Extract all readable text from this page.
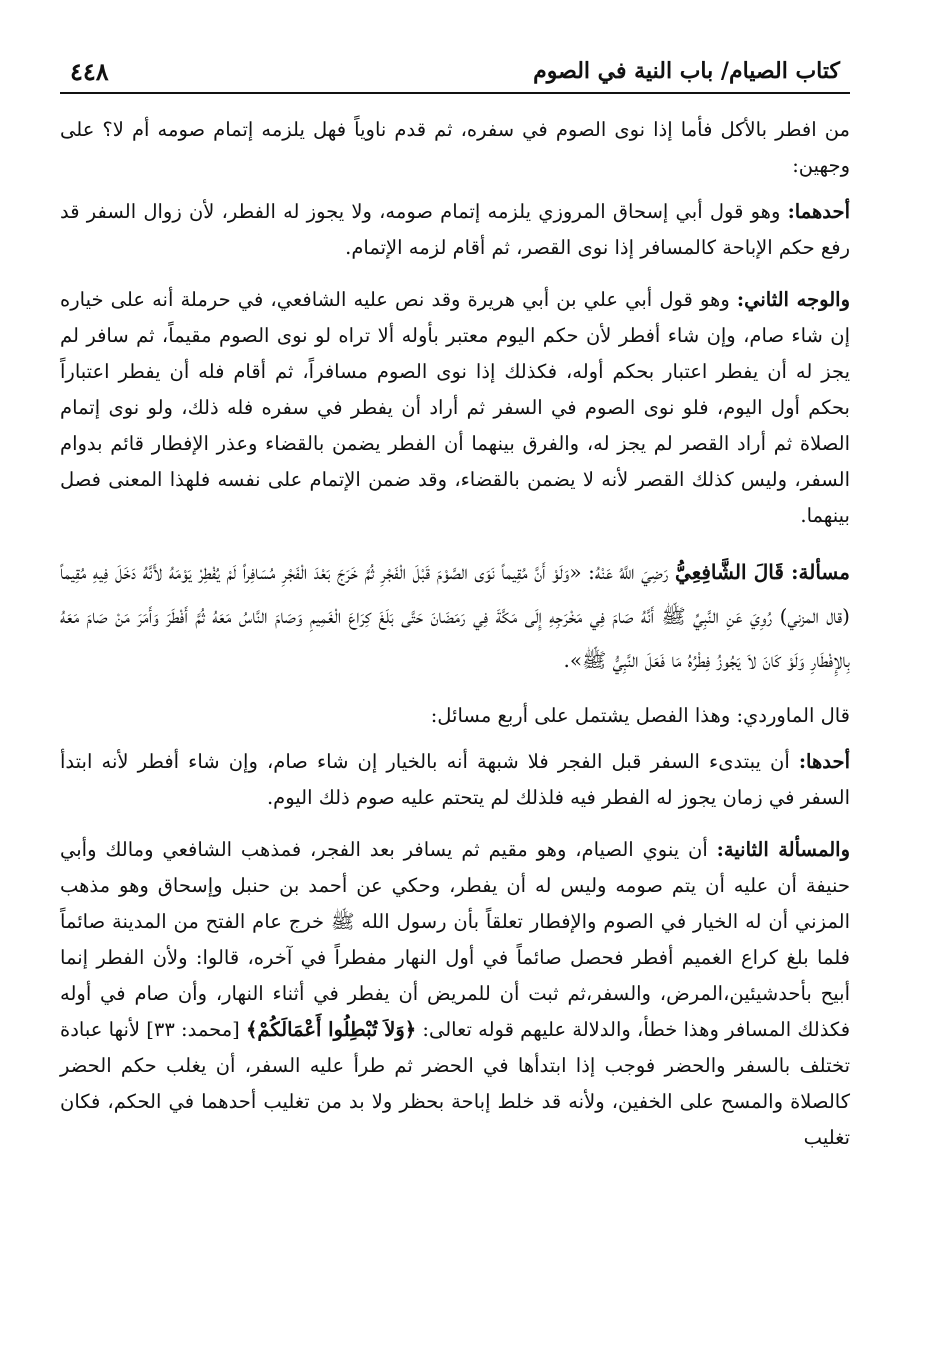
كتاب الصيام/ باب النية في الصوم
٤٤٨

من افطر بالأكل فأما إذا نوى الصوم في سفره، ثم قدم ناوياً فهل يلزمه إتمام صومه أم لا؟ على وجهين:

أحدهما: وهو قول أبي إسحاق المروزي يلزمه إتمام صومه، ولا يجوز له الفطر، لأن زوال السفر قد رفع حكم الإباحة كالمسافر إذا نوى القصر، ثم أقام لزمه الإتمام.

والوجه الثاني: وهو قول أبي علي بن أبي هريرة وقد نص عليه الشافعي، في حرملة أنه على خياره إن شاء صام، وإن شاء أفطر لأن حكم اليوم معتبر بأوله ألا تراه لو نوى الصوم مقيماً، ثم سافر لم يجز له أن يفطر اعتبار بحكم أوله، فكذلك إذا نوى الصوم مسافراً، ثم أقام فله أن يفطر اعتباراً بحكم أول اليوم، فلو نوى الصوم في السفر ثم أراد أن يفطر في سفره فله ذلك، ولو نوى إتمام الصلاة ثم أراد القصر لم يجز له، والفرق بينهما أن الفطر يضمن بالقضاء وعذر الإفطار قائم بدوام السفر، وليس كذلك القصر لأنه لا يضمن بالقضاء، وقد ضمن الإتمام على نفسه فلهذا المعنى فصل بينهما.

مسألة: قَالَ الشَّافِعِيُّ رَضِيَ اللَّهُ عَنْهُ: «وَلَوْ أَنَّ مُقِيماً نَوَى الصَّوْمَ قَبْلَ الْفَجْرِ ثُمَّ خَرَجَ بَعْدَ الْفَجْرِ مُسَافِراً لَمْ يُفْطِرْ يَوْمَهُ لأَنَّهُ دَخَلَ فِيهِ مُقِيماً (قال المزني) رُوِيَ عَنِ النَّبِيِّ ﷺ أَنَّهُ صَامَ فِي مَخْرَجِهِ إِلَى مَكَّةَ فِي رَمَضَانَ حَتَّى بَلَغَ كِرَاعَ الْغَمِيمِ وَصَامَ النَّاسُ مَعَهُ ثُمَّ أَفْطَرَ وَأَمَرَ مَنْ صَامَ مَعَهُ بِالإِفْطَارِ وَلَوْ كَانَ لاَ يَجُوزُ فِطْرُهُ مَا فَعَلَ النَّبِيُّ ﷺ».

قال الماوردي: وهذا الفصل يشتمل على أربع مسائل:

أحدها: أن يبتدىء السفر قبل الفجر فلا شبهة أنه بالخيار إن شاء صام، وإن شاء أفطر لأنه ابتدأ السفر في زمان يجوز له الفطر فيه فلذلك لم يتحتم عليه صوم ذلك اليوم.

والمسألة الثانية: أن ينوي الصيام، وهو مقيم ثم يسافر بعد الفجر، فمذهب الشافعي ومالك وأبي حنيفة أن عليه أن يتم صومه وليس له أن يفطر، وحكي عن أحمد بن حنبل وإسحاق وهو مذهب المزني أن له الخيار في الصوم والإفطار تعلقاً بأن رسول الله ﷺ خرج عام الفتح من المدينة صائماً فلما بلغ كراع الغميم أفطر فحصل صائماً في أول النهار مفطراً في آخره، قالوا: ولأن الفطر إنما أبيح بأحدشيئين،المرض، والسفر،ثم ثبت أن للمريض أن يفطر في أثناء النهار، وأن صام في أوله فكذلك المسافر وهذا خطأ، والدلالة عليهم قوله تعالى: ﴿وَلاَ تُبْطِلُوا أَعْمَالَكُمْ﴾ [محمد: ٣٣] لأنها عبادة تختلف بالسفر والحضر فوجب إذا ابتدأها في الحضر ثم طرأ عليه السفر، أن يغلب حكم الحضر كالصلاة والمسح على الخفين، ولأنه قد خلط إباحة بحظر ولا بد من تغليب أحدهما في الحكم، فكان تغليب
